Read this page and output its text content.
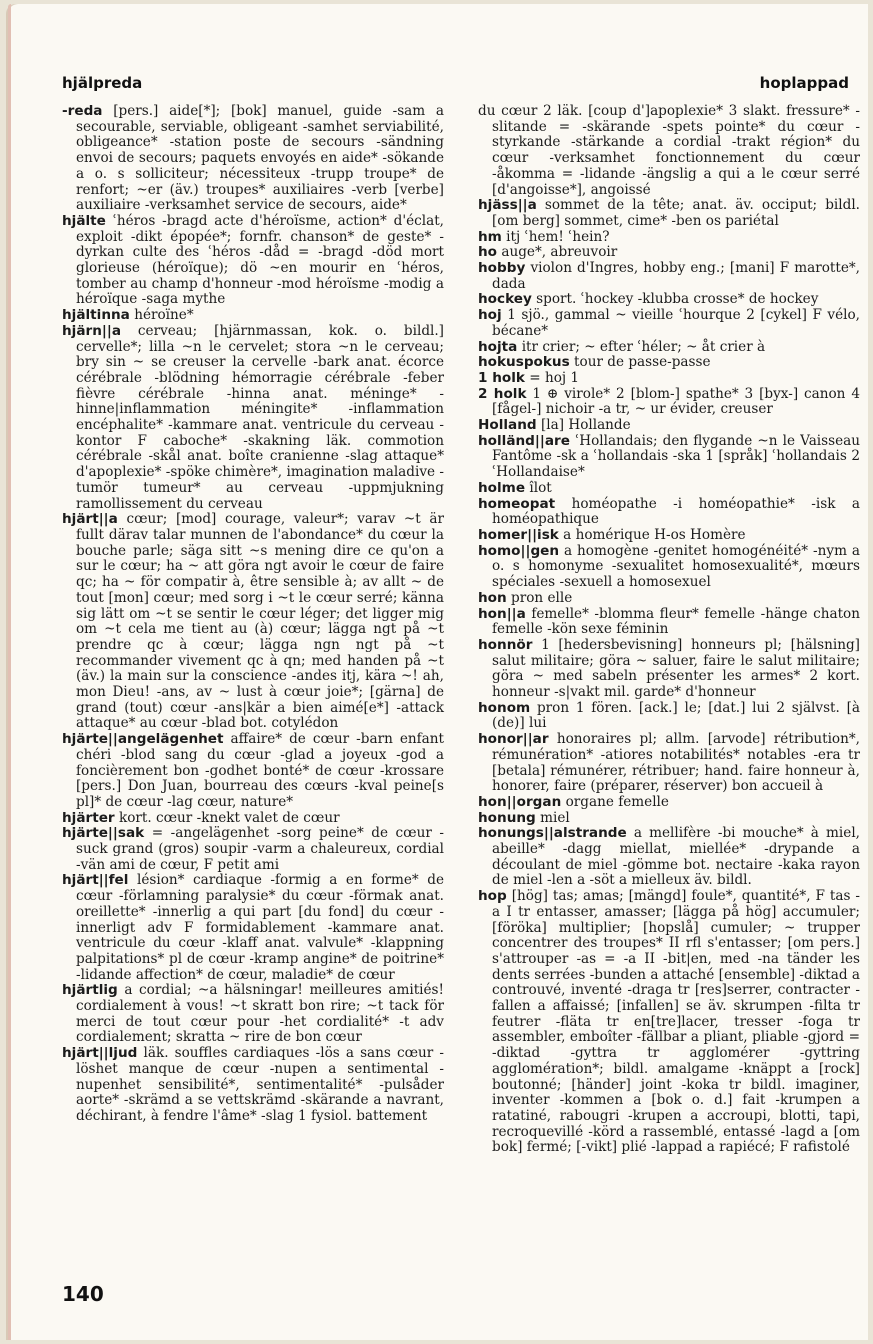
hjälpreda	hoplappad

-reda [pers.] aide[*]; [bok] manuel, guide -sam a secourable, serviable, obligeant -samhet serviabilité, obligeance* -station poste de secours -sändning envoi de secours; paquets envoyés en aide* -sökande a o. s solliciteur; nécessiteux -trupp troupe* de renfort; ~er (äv.) troupes* auxiliaires -verb [verbe] auxiliaire -verksamhet service de secours, aide*

hjälte ʿhéros -bragd acte d'héroïsme, action* d'éclat, exploit -dikt épopée*; fornfr. chanson* de geste* -dyrkan culte des ʿhéros -dåd = -bragd -död mort glorieuse (héroïque); dö ~en mourir en ʿhéros, tomber au champ d'honneur -mod héroïsme -modig a héroïque -saga mythe

hjältinna héroïne*

hjärn||a cerveau; [hjärnmassan, kok. o. bildl.] cervelle*; lilla ~n le cervelet; stora ~n le cerveau; bry sin ~ se creuser la cervelle -bark anat. écorce cérébrale -blödning hémorragie cérébrale -feber fièvre cérébrale -hinna anat. méninge* -hinne|inflammation méningite* -inflammation encéphalite* -kammare anat. ventricule du cerveau -kontor F caboche* -skakning läk. commotion cérébrale -skål anat. boîte cranienne -slag attaque* d'apoplexie* -spöke chimère*, imagination maladive -tumör tumeur* au cerveau -uppmjukning ramollissement du cerveau

hjärt||a cœur; [mod] courage, valeur*; varav ~t är fullt därav talar munnen de l'abondance* du cœur la bouche parle; säga sitt ~s mening dire ce qu'on a sur le cœur; ha ~ att göra ngt avoir le cœur de faire qc; ha ~ för compatir à, être sensible à; av allt ~ de tout [mon] cœur; med sorg i ~t le cœur serré; känna sig lätt om ~t se sentir le cœur léger; det ligger mig om ~t cela me tient au (à) cœur; lägga ngt på ~t prendre qc à cœur; lägga ngn ngt på ~t recommander vivement qc à qn; med handen på ~t (äv.) la main sur la conscience -andes itj, kära ~! ah, mon Dieu! -ans, av ~ lust à cœur joie*; [gärna] de grand (tout) cœur -ans|kär a bien aimé[e*] -attack attaque* au cœur -blad bot. cotylédon

hjärte||angelägenhet affaire* de cœur -barn enfant chéri -blod sang du cœur -glad a joyeux -god a foncièrement bon -godhet bonté* de cœur -krossare [pers.] Don Juan, bourreau des cœurs -kval peine[s pl]* de cœur -lag cœur, nature*

hjärter kort. cœur -knekt valet de cœur

hjärte||sak = -angelägenhet -sorg peine* de cœur -suck grand (gros) soupir -varm a chaleureux, cordial -vän ami de cœur, F petit ami

hjärt||fel lésion* cardiaque -formig a en forme* de cœur -förlamning paralysie* du cœur -förmak anat. oreillette* -innerlig a qui part [du fond] du cœur -innerligt adv F formidablement -kammare anat. ventricule du cœur -klaff anat. valvule* -klappning palpitations* pl de cœur -kramp angine* de poitrine* -lidande affection* de cœur, maladie* de cœur

hjärtlig a cordial; ~a hälsningar! meilleures amitiés! cordialement à vous! ~t skratt bon rire; ~t tack för merci de tout cœur pour -het cordialité* -t adv cordialement; skratta ~ rire de bon cœur

hjärt||ljud läk. souffles cardiaques -lös a sans cœur -löshet manque de cœur -nupen a sentimental -nupenhet sensibilité*, sentimentalité* -pulsåder aorte* -skrämd a se vettskrämd -skärande a navrant, déchirant, à fendre l'âme* -slag 1 fysiol. battement

du cœur 2 läk. [coup d']apoplexie* 3 slakt. fressure* -slitande = -skärande -spets pointe* du cœur -styrkande -stärkande a cordial -trakt région* du cœur -verksamhet fonctionnement du cœur -åkomma = -lidande -ängslig a qui a le cœur serré [d'angoisse*], angoissé

hjäss||a sommet de la tête; anat. äv. occiput; bildl. [om berg] sommet, cime* -ben os pariétal

hm itj ʿhem! ʿhein?

ho auge*, abreuvoir

hobby violon d'Ingres, hobby eng.; [mani] F marotte*, dada

hockey sport. ʿhockey -klubba crosse* de hockey

hoj 1 sjö., gammal ~ vieille ʿhourque 2 [cykel] F vélo, bécane*

hojta itr crier; ~ efter ʿhéler; ~ åt crier à

hokuspokus tour de passe-passe

1 holk = hoj 1

2 holk 1 ⊕ virole* 2 [blom-] spathe* 3 [byx-] canon 4 [fågel-] nichoir -a tr, ~ ur évider, creuser

Holland [la] Hollande

holländ||are ʿHollandais; den flygande ~n le Vaisseau Fantôme -sk a ʿhollandais -ska 1 [språk] ʿhollandais 2 ʿHollandaise*

holme îlot

homeopat homéopathe -i homéopathie* -isk a homéopathique

homer||isk a homérique H-os Homère

homo||gen a homogène -genitet homogénéité* -nym a o. s homonyme -sexualitet homosexualité*, mœurs spéciales -sexuell a homosexuel

hon pron elle

hon||a femelle* -blomma fleur* femelle -hänge chaton femelle -kön sexe féminin

honnör 1 [hedersbevisning] honneurs pl; [hälsning] salut militaire; göra ~ saluer, faire le salut militaire; göra ~ med sabeln présenter les armes* 2 kort. honneur -s|vakt mil. garde* d'honneur

honom pron 1 fören. [ack.] le; [dat.] lui 2 självst. [à (de)] lui

honor||ar honoraires pl; allm. [arvode] rétribution*, rémunération* -atiores notabilités* notables -era tr [betala] rémunérer, rétribuer; hand. faire honneur à, honorer, faire (préparer, réserver) bon accueil à

hon||organ organe femelle

honung miel

honungs||alstrande a mellifère -bi mouche* à miel, abeille* -dagg miellat, miellée* -drypande a découlant de miel -gömme bot. nectaire -kaka rayon de miel -len a -söt a mielleux äv. bildl.

hop [hög] tas; amas; [mängd] foule*, quantité*, F tas -a I tr entasser, amasser; [lägga på hög] accumuler; [föröka] multiplier; [hopslå] cumuler; ~ trupper concentrer des troupes* II rfl s'entasser; [om pers.] s'attrouper -as = -a II -bit|en, med -na tänder les dents serrées -bunden a attaché [ensemble] -diktad a controuvé, inventé -draga tr [res]serrer, contracter -fallen a affaissé; [infallen] se äv. skrumpen -filta tr feutrer -fläta tr en[tre]lacer, tresser -foga tr assembler, emboîter -fällbar a pliant, pliable -gjord = -diktad -gyttra tr agglomérer -gyttring agglomération*; bildl. amalgame -knäppt a [rock] boutonné; [händer] joint -koka tr bildl. imaginer, inventer -kommen a [bok o. d.] fait -krumpen a ratatiné, rabougri -krupen a accroupi, blotti, tapi, recroquevillé -körd a rassemblé, entassé -lagd a [om bok] fermé; [-vikt] plié -lappad a rapiécé; F rafistolé

140
